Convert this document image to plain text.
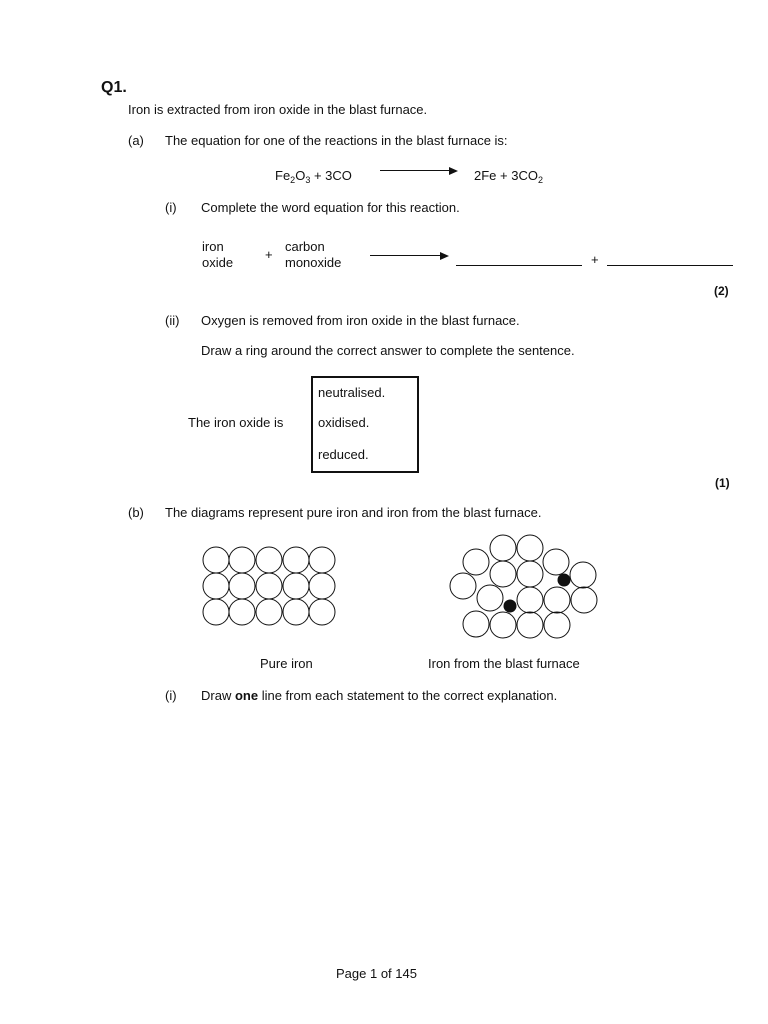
Q1.
Iron is extracted from iron oxide in the blast furnace.
(a) The equation for one of the reactions in the blast furnace is:
$Fe_2O_3 + 3CO$	$2Fe + 3CO_2$
(i) Complete the word equation for this reaction.
iron
oxide
+
carbon
monoxide	+
(2)
(ii) Oxygen is removed from iron oxide in the blast furnace.
Draw a ring around the correct answer to complete the sentence.
The iron oxide is
neutralised.
oxidised.
reduced.
(1)
(b) The diagrams represent pure iron and iron from the blast furnace.
Pure iron	Iron from the blast furnace
(i) Draw one line from each statement to the correct explanation.
Page 1 of 145
